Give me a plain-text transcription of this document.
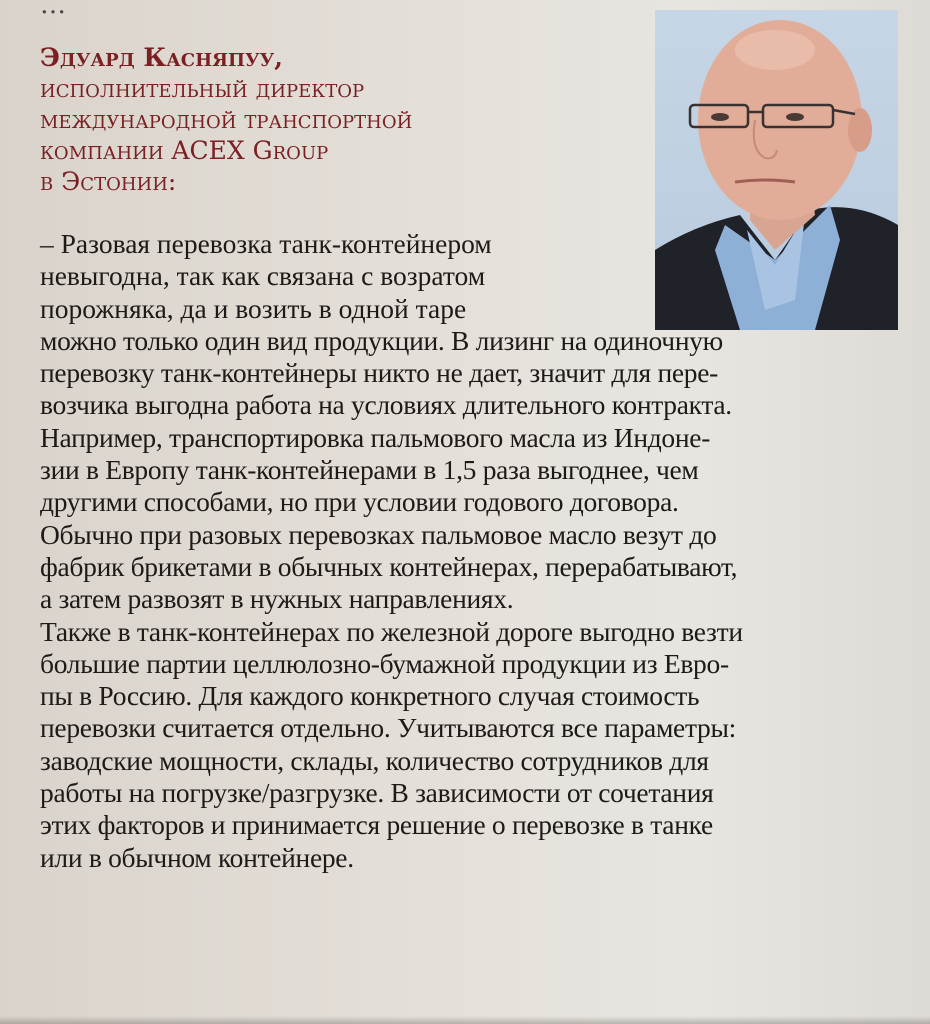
…
Эдуард Касняпуу,
исполнительный директор
международной транспортной
компании ACEX Group
в Эстонии:
– Разовая перевозка танк-контейнером
невыгодна, так как связана с возратом
порожняка, да и возить в одной таре
можно только один вид продукции. В лизинг на одиночную
перевозку танк-контейнеры никто не дает, значит для пере-
возчика выгодна работа на условиях длительного контракта.
Например, транспортировка пальмового масла из Индоне-
зии в Европу танк-контейнерами в 1,5 раза выгоднее, чем
другими способами, но при условии годового договора.
Обычно при разовых перевозках пальмовое масло везут до
фабрик брикетами в обычных контейнерах, перерабатывают,
а затем развозят в нужных направлениях.
Также в танк-контейнерах по железной дороге выгодно везти
большие партии целлюлозно-бумажной продукции из Евро-
пы в Россию. Для каждого конкретного случая стоимость
перевозки считается отдельно. Учитываются все параметры:
заводские мощности, склады, количество сотрудников для
работы на погрузке/разгрузке. В зависимости от сочетания
этих факторов и принимается решение о перевозке в танке
или в обычном контейнере.
